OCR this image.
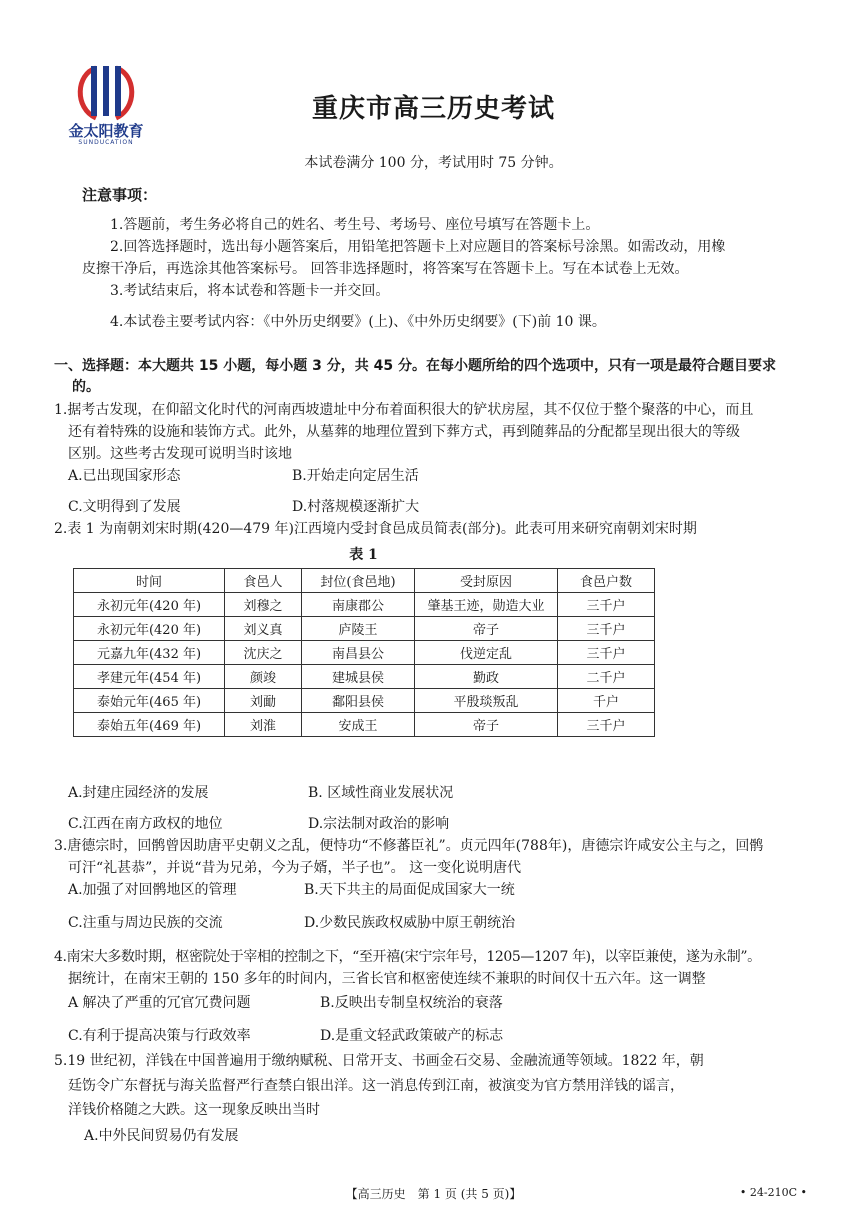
金太阳教育
SUNDUCATION
重庆市高三历史考试
本试卷满分 100 分，考试用时 75 分钟。
注意事项：
1.答题前，考生务必将自己的姓名、考生号、考场号、座位号填写在答题卡上。
2.回答选择题时，选出每小题答案后，用铅笔把答题卡上对应题目的答案标号涂黑。如需改动，用橡
皮擦干净后，再选涂其他答案标号。 回答非选择题时，将答案写在答题卡上。写在本试卷上无效。
3.考试结束后，将本试卷和答题卡一并交回。
4.本试卷主要考试内容：《中外历史纲要》(上)、《中外历史纲要》(下)前 10 课。
一、选择题：本大题共 15 小题，每小题 3 分，共 45 分。在每小题所给的四个选项中，只有一项是最符合题目要求
的。
1.据考古发现，在仰韶文化时代的河南西坡遗址中分布着面积很大的铲状房屋，其不仅位于整个聚落的中心，而且
还有着特殊的设施和装饰方式。此外，从墓葬的地理位置到下葬方式，再到随葬品的分配都呈现出很大的等级
区别。这些考古发现可说明当时该地
A.已出现国家形态	B.开始走向定居生活
C.文明得到了发展	D.村落规模逐渐扩大
2.表 1 为南朝刘宋时期(420—479 年)江西境内受封食邑成员简表(部分)。此表可用来研究南朝刘宋时期
表 1
时间	食邑人	封位(食邑地)	受封原因	食邑户数
永初元年(420 年)	刘穆之	南康郡公	肇基王迹，勋造大业	三千户
永初元年(420 年)	刘义真	庐陵王	帝子	三千户
元嘉九年(432 年)	沈庆之	南昌县公	伐逆定乱	三千户
孝建元年(454 年)	颜竣	建城县侯	勤政	二千户
泰始元年(465 年)	刘勔	鄱阳县侯	平殷琰叛乱	千户
泰始五年(469 年)	刘淮	安成王	帝子	三千户
A.封建庄园经济的发展	B. 区域性商业发展状况
C.江西在南方政权的地位	D.宗法制对政治的影响
3.唐德宗时，回鹘曾因助唐平史朝义之乱，便恃功“不修蕃臣礼”。贞元四年(788年)，唐德宗许咸安公主与之，回鹘
可汗“礼甚恭”，并说“昔为兄弟，今为子婿，半子也”。 这一变化说明唐代
A.加强了对回鹘地区的管理	B.天下共主的局面促成国家大一统
C.注重与周边民族的交流	D.少数民族政权威胁中原王朝统治
4.南宋大多数时期，枢密院处于宰相的控制之下，“至开禧(宋宁宗年号，1205—1207 年)，以宰臣兼使，遂为永制”。
据统计，在南宋王朝的 150 多年的时间内，三省长官和枢密使连续不兼职的时间仅十五六年。这一调整
A 解决了严重的冗官冗费问题	B.反映出专制皇权统治的衰落
C.有利于提高决策与行政效率	D.是重文轻武政策破产的标志
5.19 世纪初，洋钱在中国普遍用于缴纳赋税、日常开支、书画金石交易、金融流通等领域。1822 年，朝
廷饬令广东督抚与海关监督严行查禁白银出洋。这一消息传到江南，被演变为官方禁用洋钱的谣言，
洋钱价格随之大跌。这一现象反映出当时
A.中外民间贸易仍有发展
【高三历史　第 1 页 (共 5 页)】	• 24-210C •
